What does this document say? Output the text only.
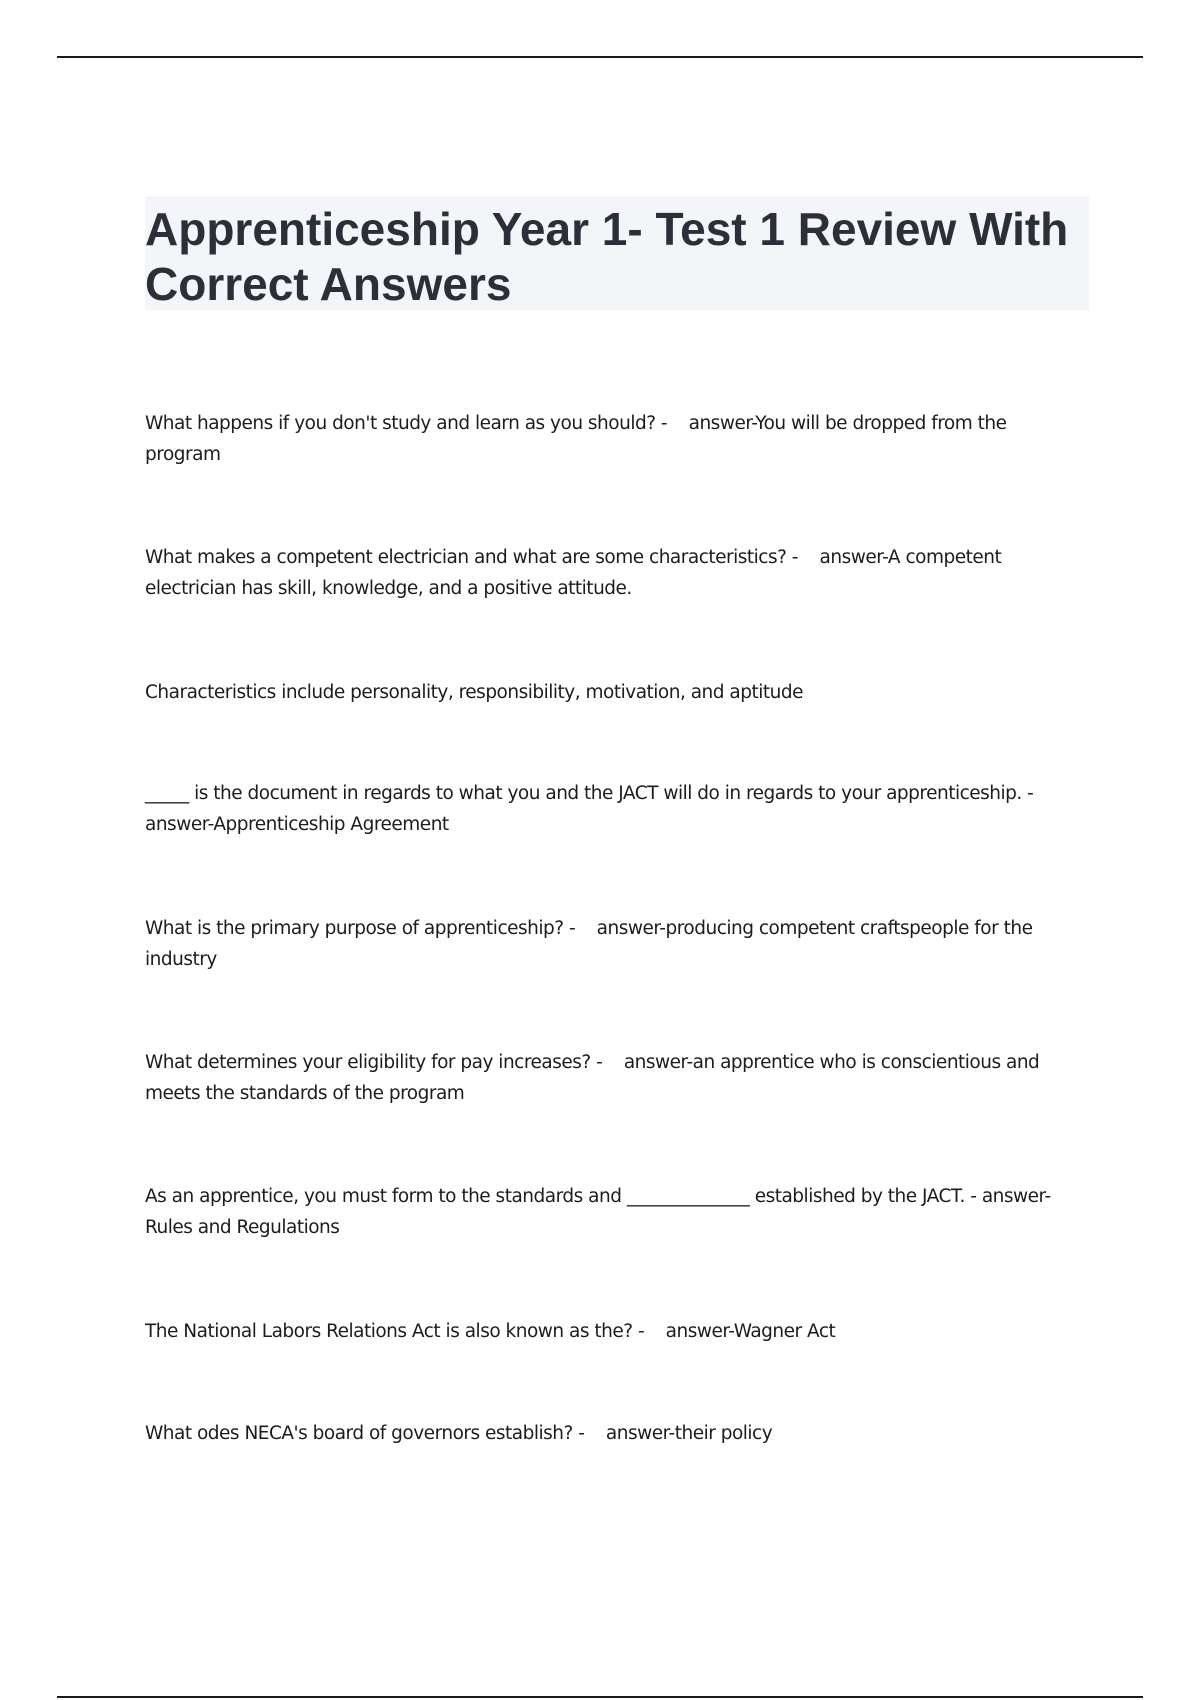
Apprenticeship Year 1- Test 1 Review With Correct Answers

What happens if you don't study and learn as you should? - answer-You will be dropped from the program

What makes a competent electrician and what are some characteristics? - answer-A competent electrician has skill, knowledge, and a positive attitude.

Characteristics include personality, responsibility, motivation, and aptitude

_____ is the document in regards to what you and the JACT will do in regards to your apprenticeship. - answer-Apprenticeship Agreement

What is the primary purpose of apprenticeship? - answer-producing competent craftspeople for the industry

What determines your eligibility for pay increases? - answer-an apprentice who is conscientious and meets the standards of the program

As an apprentice, you must form to the standards and ______________ established by the JACT. - answer-Rules and Regulations

The National Labors Relations Act is also known as the? - answer-Wagner Act

What odes NECA's board of governors establish? - answer-their policy
